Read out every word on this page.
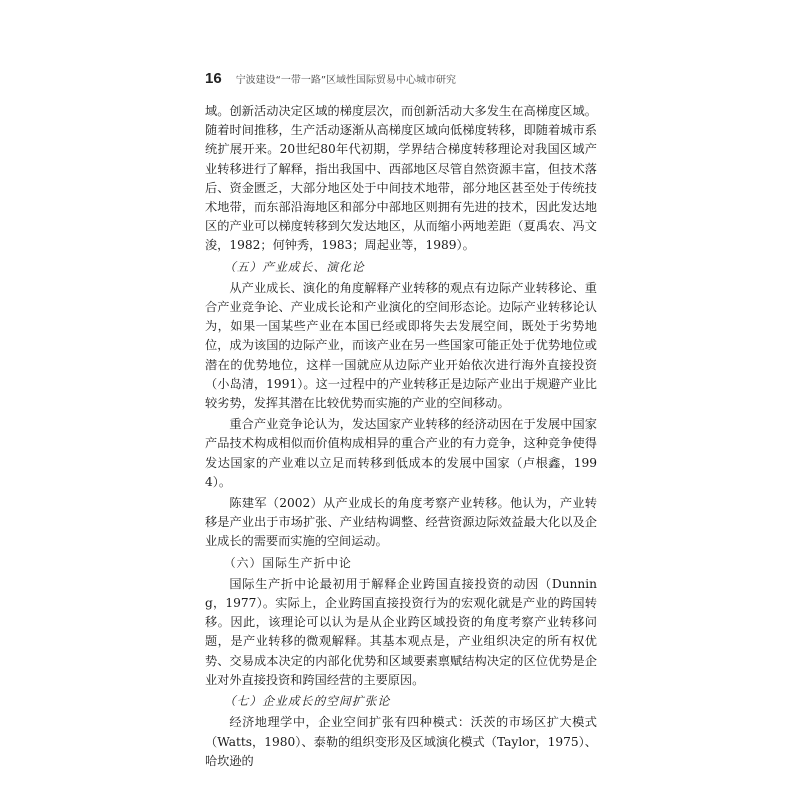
16 宁波建设“一带一路”区域性国际贸易中心城市研究

域。创新活动决定区域的梯度层次，而创新活动大多发生在高梯度区域。随着时间推移，生产活动逐渐从高梯度区域向低梯度转移，即随着城市系统扩展开来。20世纪80年代初期，学界结合梯度转移理论对我国区域产业转移进行了解释，指出我国中、西部地区尽管自然资源丰富，但技术落后、资金匮乏，大部分地区处于中间技术地带，部分地区甚至处于传统技术地带，而东部沿海地区和部分中部地区则拥有先进的技术，因此发达地区的产业可以梯度转移到欠发达地区，从而缩小两地差距（夏禹农、冯文浚，1982；何钟秀，1983；周起业等，1989）。

（五）产业成长、演化论

从产业成长、演化的角度解释产业转移的观点有边际产业转移论、重合产业竞争论、产业成长论和产业演化的空间形态论。边际产业转移论认为，如果一国某些产业在本国已经或即将失去发展空间，既处于劣势地位，成为该国的边际产业，而该产业在另一些国家可能正处于优势地位或潜在的优势地位，这样一国就应从边际产业开始依次进行海外直接投资（小岛清，1991）。这一过程中的产业转移正是边际产业出于规避产业比较劣势，发挥其潜在比较优势而实施的产业的空间移动。

重合产业竞争论认为，发达国家产业转移的经济动因在于发展中国家产品技术构成相似而价值构成相异的重合产业的有力竞争，这种竞争使得发达国家的产业难以立足而转移到低成本的发展中国家（卢根鑫，1994）。

陈建军（2002）从产业成长的角度考察产业转移。他认为，产业转移是产业出于市场扩张、产业结构调整、经营资源边际效益最大化以及企业成长的需要而实施的空间运动。

（六）国际生产折中论

国际生产折中论最初用于解释企业跨国直接投资的动因（Dunning，1977）。实际上，企业跨国直接投资行为的宏观化就是产业的跨国转移。因此，该理论可以认为是从企业跨区域投资的角度考察产业转移问题，是产业转移的微观解释。其基本观点是，产业组织决定的所有权优势、交易成本决定的内部化优势和区域要素禀赋结构决定的区位优势是企业对外直接投资和跨国经营的主要原因。

（七）企业成长的空间扩张论

经济地理学中，企业空间扩张有四种模式：沃茨的市场区扩大模式（Watts，1980）、泰勒的组织变形及区域演化模式（Taylor，1975）、哈坎逊的
